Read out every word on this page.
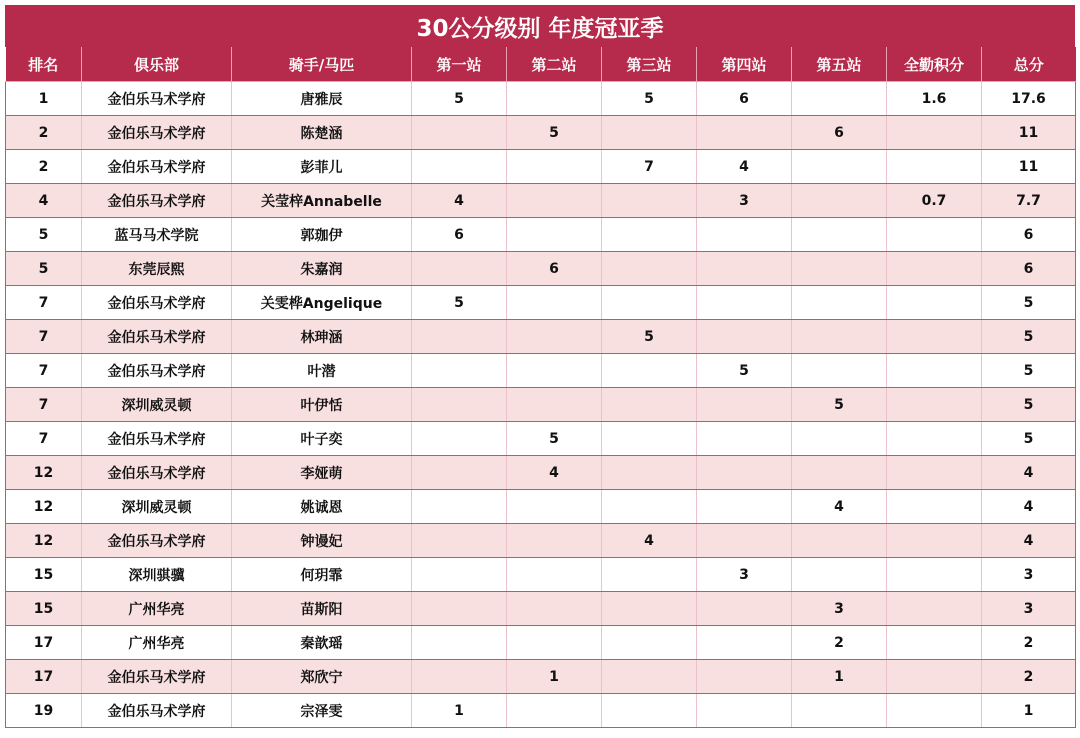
30公分级别 年度冠亚季
排名	俱乐部	骑手/马匹	第一站	第二站	第三站	第四站	第五站	全勤积分	总分
1	金伯乐马术学府	唐雅辰	5		5	6		1.6	17.6
2	金伯乐马术学府	陈楚涵		5			6		11
2	金伯乐马术学府	彭菲儿			7	4			11
4	金伯乐马术学府	关莹梓Annabelle	4			3		0.7	7.7
5	蓝马马术学院	郭珈伊	6						6
5	东莞辰熙	朱嘉润		6					6
7	金伯乐马术学府	关雯桦Angelique	5						5
7	金伯乐马术学府	林珅涵			5				5
7	金伯乐马术学府	叶潜				5			5
7	深圳威灵顿	叶伊恬					5		5
7	金伯乐马术学府	叶子奕		5					5
12	金伯乐马术学府	李娅萌		4					4
12	深圳威灵顿	姚诚恩					4		4
12	金伯乐马术学府	钟谩妃			4				4
15	深圳骐骥	何玥霏				3			3
15	广州华亮	苗斯阳					3		3
17	广州华亮	秦歆瑶					2		2
17	金伯乐马术学府	郑欣宁		1			1		2
19	金伯乐马术学府	宗泽雯	1						1
